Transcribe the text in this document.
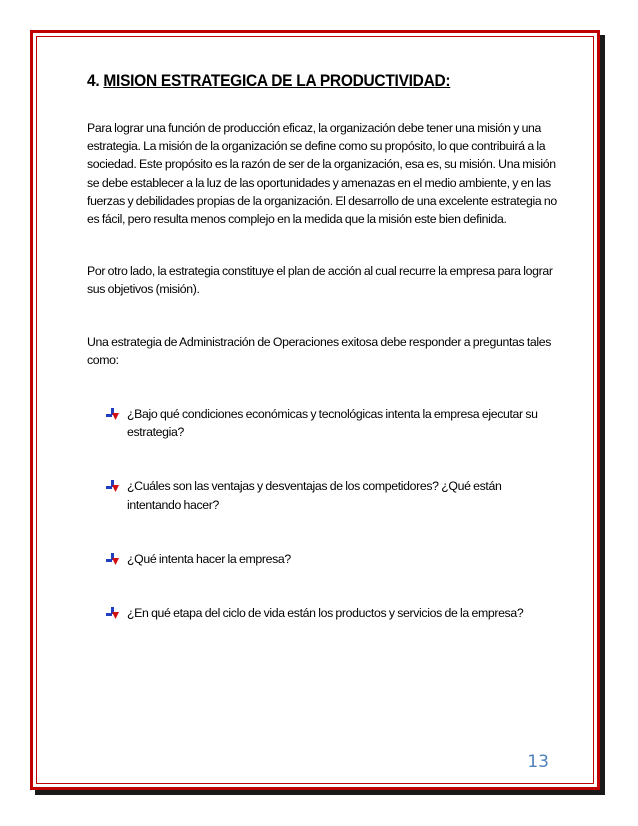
4. MISION ESTRATEGICA DE LA PRODUCTIVIDAD:

Para lograr una función de producción eficaz, la organización debe tener una misión y una estrategia. La misión de la organización se define como su propósito, lo que contribuirá a la sociedad. Este propósito es la razón de ser de la organización, esa es, su misión. Una misión se debe establecer a la luz de las oportunidades y amenazas en el medio ambiente, y en las fuerzas y debilidades propias de la organización. El desarrollo de una excelente estrategia no es fácil, pero resulta menos complejo en la medida que la misión este bien definida.

Por otro lado, la estrategia constituye el plan de acción al cual recurre la empresa para lograr sus objetivos (misión).

Una estrategia de Administración de Operaciones exitosa debe responder a preguntas tales como:

¿Bajo qué condiciones económicas y tecnológicas intenta la empresa ejecutar su estrategia?
¿Cuáles son las ventajas y desventajas de los competidores? ¿Qué están intentando hacer?
¿Qué intenta hacer la empresa?
¿En qué etapa del ciclo de vida están los productos y servicios de la empresa?
13
